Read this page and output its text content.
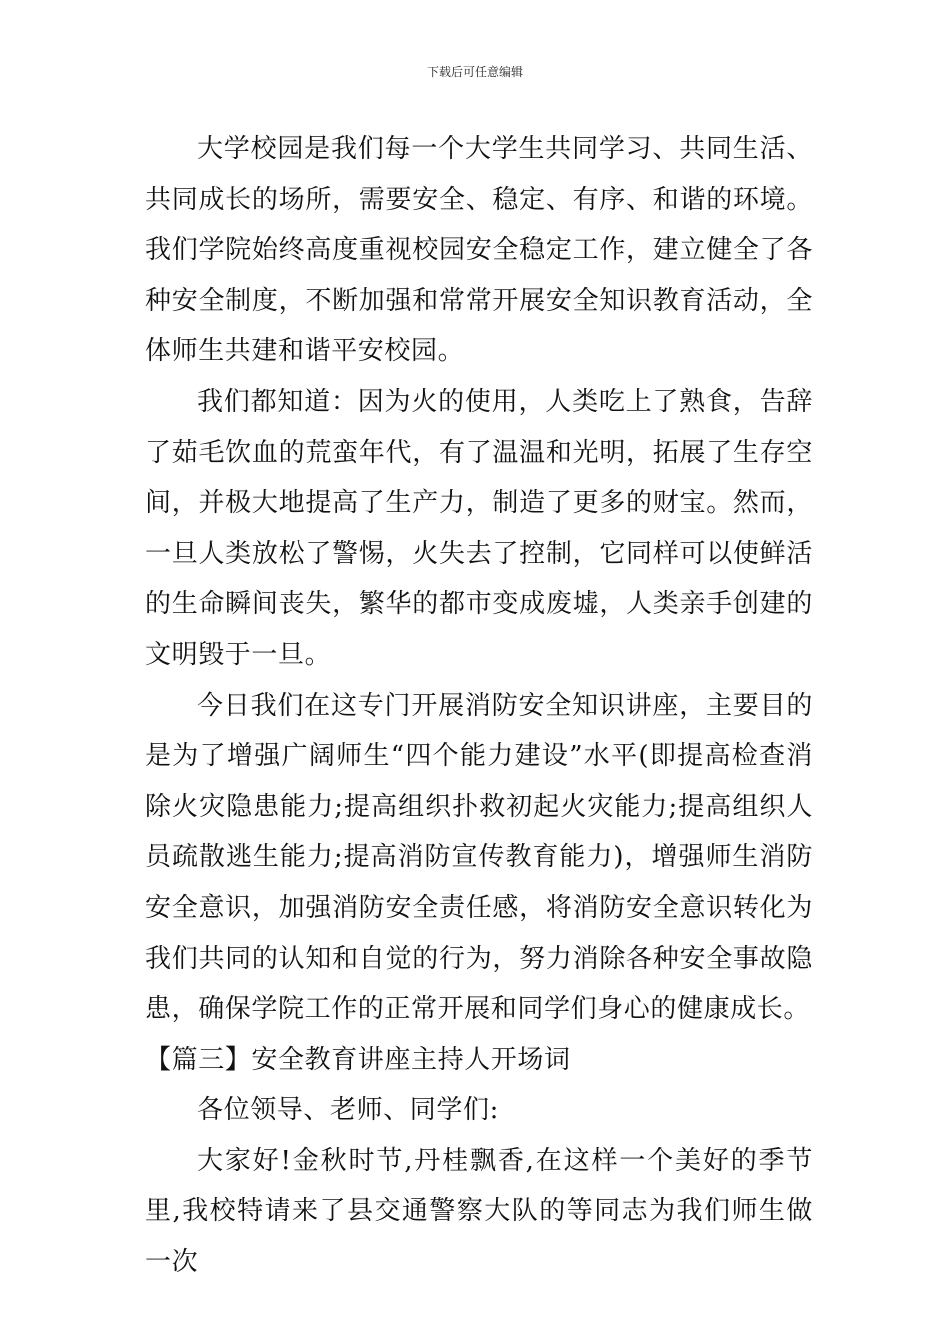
下载后可任意编辑

大学校园是我们每一个大学生共同学习、共同生活、共同成长的场所，需要安全、稳定、有序、和谐的环境。我们学院始终高度重视校园安全稳定工作，建立健全了各种安全制度，不断加强和常常开展安全知识教育活动，全体师生共建和谐平安校园。

我们都知道：因为火的使用，人类吃上了熟食，告辞了茹毛饮血的荒蛮年代，有了温温和光明，拓展了生存空间，并极大地提高了生产力，制造了更多的财宝。然而，一旦人类放松了警惕，火失去了控制，它同样可以使鲜活的生命瞬间丧失，繁华的都市变成废墟，人类亲手创建的文明毁于一旦。

今日我们在这专门开展消防安全知识讲座，主要目的是为了增强广阔师生“四个能力建设”水平(即提高检查消除火灾隐患能力;提高组织扑救初起火灾能力;提高组织人员疏散逃生能力;提高消防宣传教育能力)，增强师生消防安全意识，加强消防安全责任感，将消防安全意识转化为我们共同的认知和自觉的行为，努力消除各种安全事故隐患，确保学院工作的正常开展和同学们身心的健康成长。

【篇三】安全教育讲座主持人开场词

各位领导、老师、同学们:

大家好!金秋时节,丹桂飘香,在这样一个美好的季节里,我校特请来了县交通警察大队的等同志为我们师生做一次
